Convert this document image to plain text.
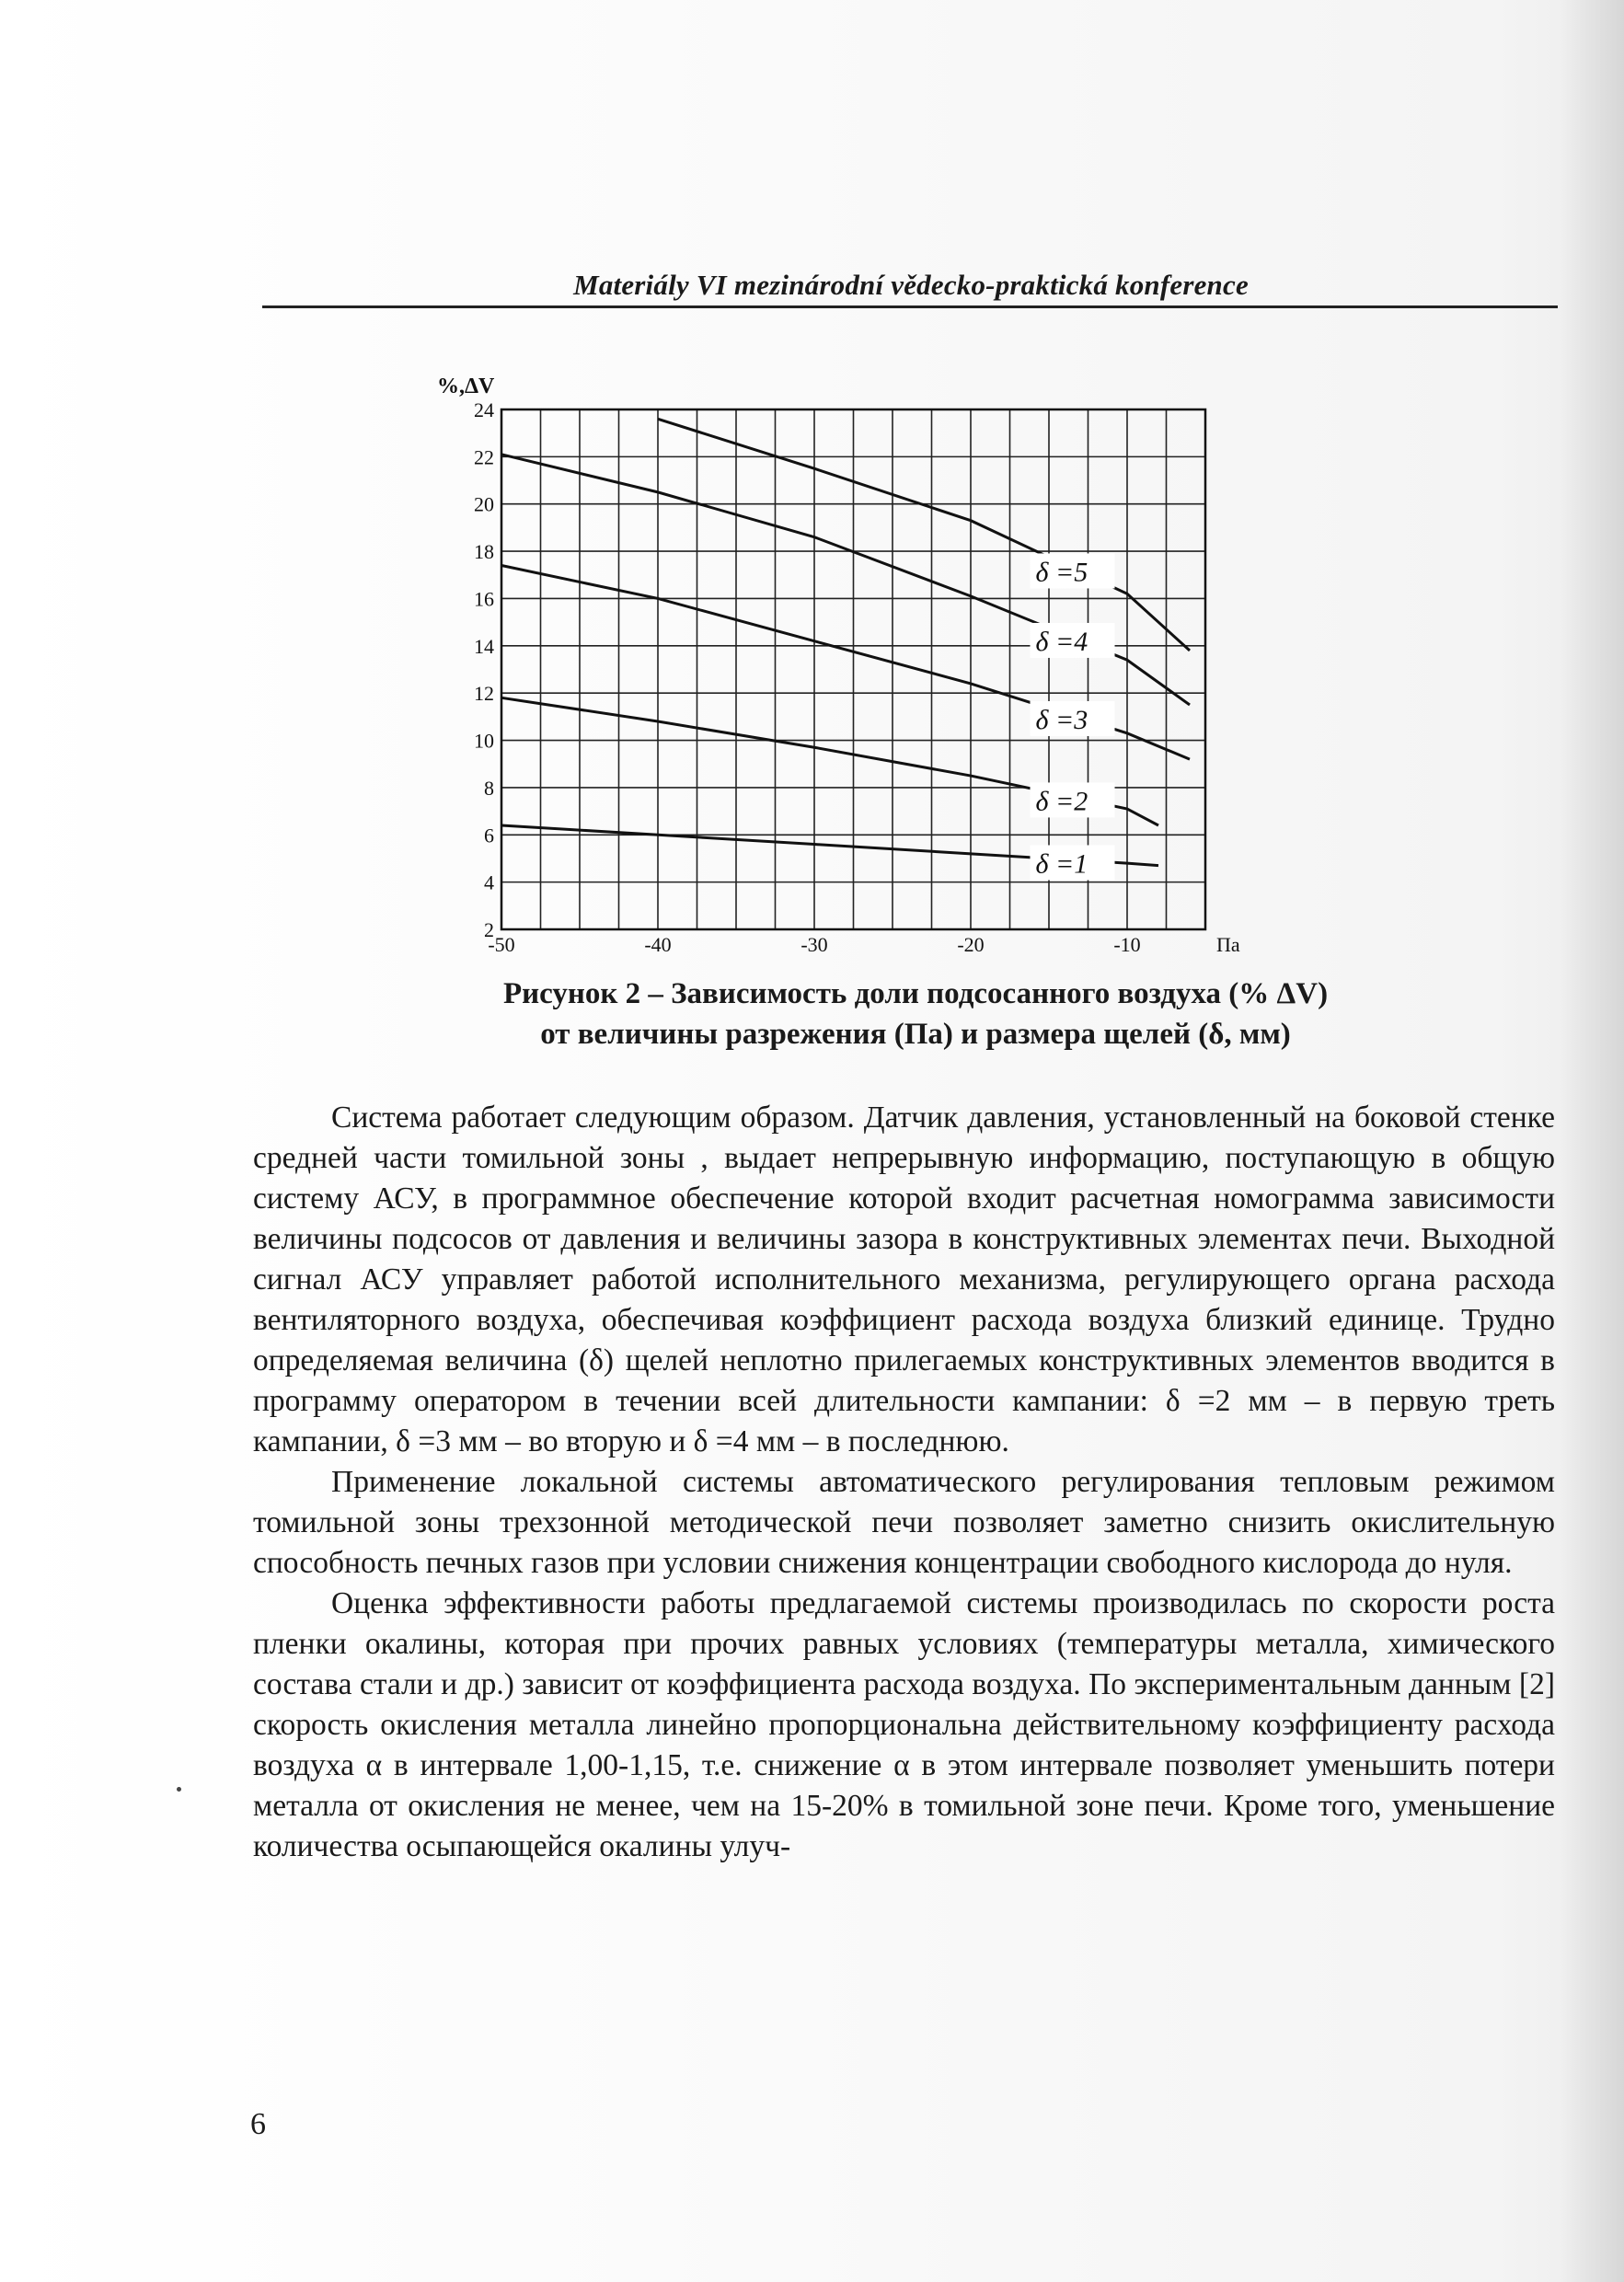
Materiály VI mezinárodní vědecko-praktická konference
2
4
6
8
10
12
14
16
18
20
22
24
-50	-40	-30	-20	-10
%,ΔV
Па
δ =5
δ =4
δ =3
δ =2
δ =1
Рисунок 2 – Зависимость доли подсосанного воздуха (% ΔV)
от величины разрежения (Па) и размера щелей (δ, мм)

Система работает следующим образом. Датчик давления, установленный на боковой стенке средней части томильной зоны , выдает непрерывную информацию, поступающую в общую систему АСУ, в программное обеспечение которой входит расчетная номограмма зависимости величины подсосов от давления и величины зазора в конструктивных элементах печи. Выходной сигнал АСУ управляет работой исполнительного механизма, регулирующего органа расхода вентиляторного воздуха, обеспечивая коэффициент расхода воздуха близкий единице. Трудно определяемая величина (δ) щелей неплотно прилегаемых конструктивных элементов вводится в программу оператором в течении всей длительности кампании: δ =2 мм – в первую треть кампании, δ =3 мм – во вторую и δ =4 мм – в последнюю.

Применение локальной системы автоматического регулирования тепловым режимом томильной зоны трехзонной методической печи позволяет заметно снизить окислительную способность печных газов при условии снижения концентрации свободного кислорода до нуля.

Оценка эффективности работы предлагаемой системы производилась по скорости роста пленки окалины, которая при прочих равных условиях (температуры металла, химического состава стали и др.) зависит от коэффициента расхода воздуха. По экспериментальным данным [2] скорость окисления металла линейно пропорциональна действительному коэффициенту расхода воздуха α в интервале 1,00-1,15, т.е. снижение α в этом интервале позволяет уменьшить потери металла от окисления не менее, чем на 15-20% в томильной зоне печи. Кроме того, уменьшение количества осыпающейся окалины улуч-

6
